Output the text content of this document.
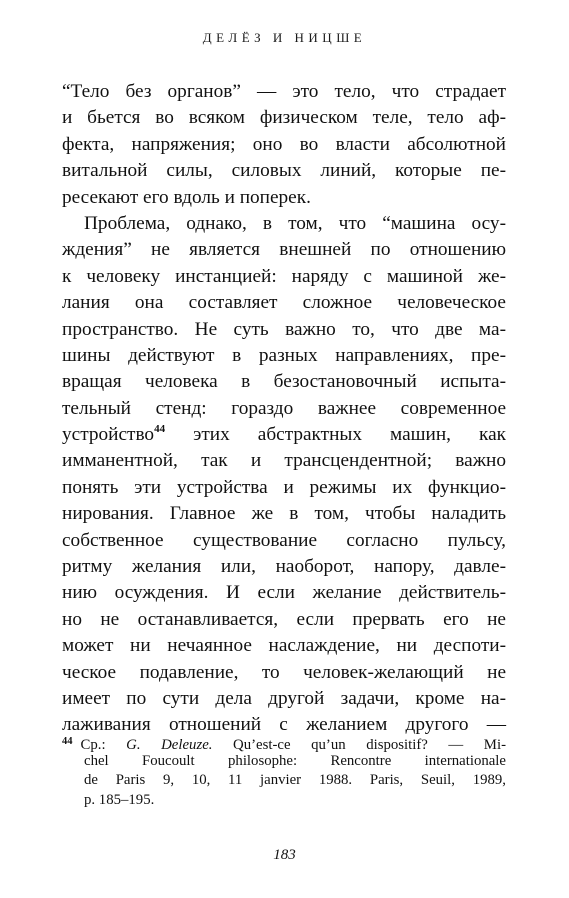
ДЕЛЁЗ И НИЦШЕ
“Тело без органов” — это тело, что страдает
и бьется во всяком физическом теле, тело аф-
фекта, напряжения; оно во власти абсолютной
витальной силы, силовых линий, которые пе-
ресекают его вдоль и поперек.
Проблема, однако, в том, что “машина осу-
ждения” не является внешней по отношению
к человеку инстанцией: наряду с машиной же-
лания она составляет сложное человеческое
пространство. Не суть важно то, что две ма-
шины действуют в разных направлениях, пре-
вращая человека в безостановочный испыта-
тельный стенд: гораздо важнее современное
устройство$^{44}$ этих абстрактных машин, как
имманентной, так и трансцендентной; важно
понять эти устройства и режимы их функцио-
нирования. Главное же в том, чтобы наладить
собственное существование согласно пульсу,
ритму желания или, наоборот, напору, давле-
нию осуждения. И если желание действитель-
но не останавливается, если прервать его не
может ни нечаянное наслаждение, ни деспоти-
ческое подавление, то человек-желающий не
имеет по сути дела другой задачи, кроме на-
лаживания отношений с желанием другого —
$^{44}$ Ср.: G. Deleuze. Qu’est-ce qu’un dispositif? — Mi-
chel Foucoult philosophe: Rencontre internationale
de Paris 9, 10, 11 janvier 1988. Paris, Seuil, 1989,
p. 185–195.
183
